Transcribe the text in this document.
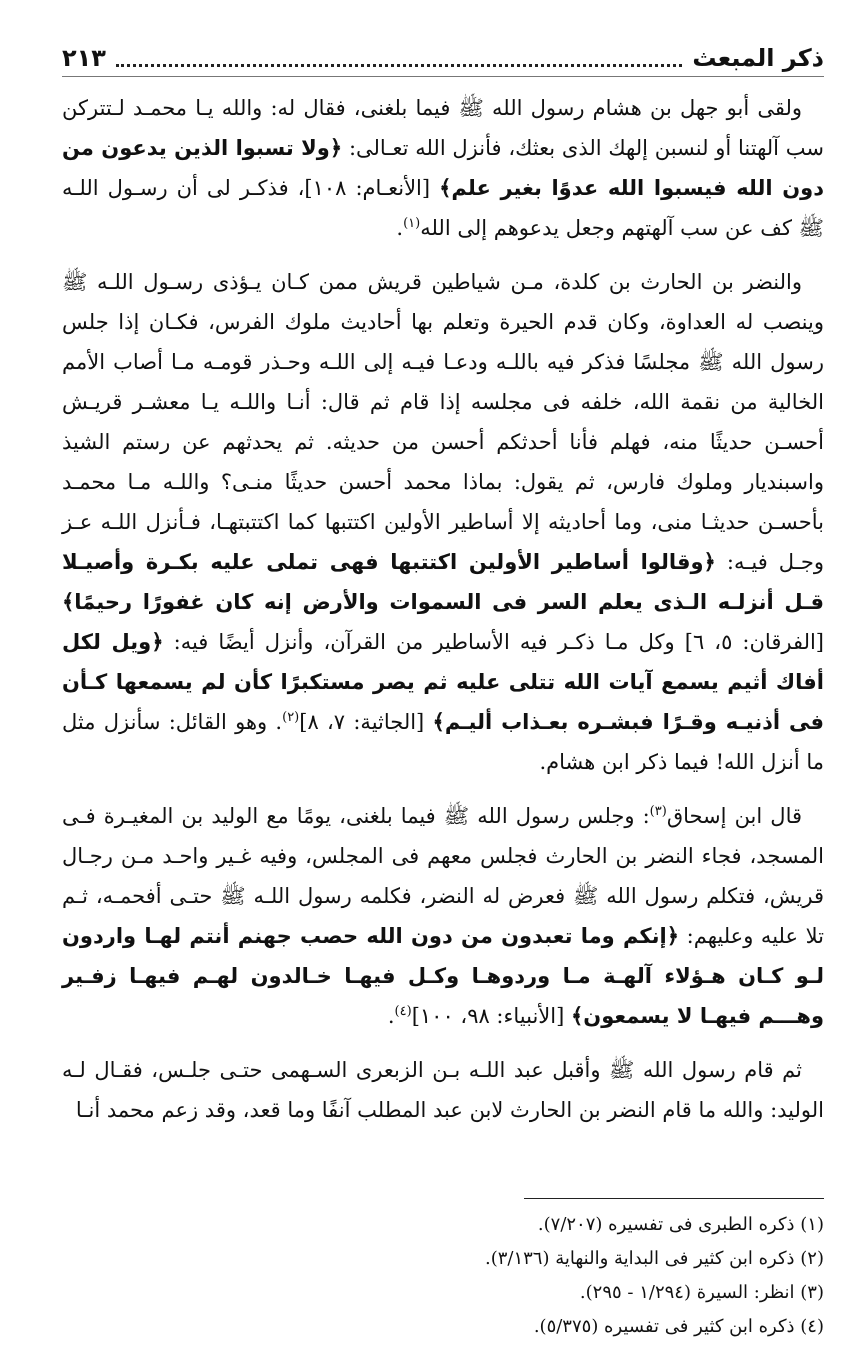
ذكر المبعث
٢١٣

ولقى أبو جهل بن هشام رسول الله ﷺ فيما بلغنى، فقال له: والله يـا محمـد لـتتركن سب آلهتنا أو لنسبن إلهك الذى بعثك، فأنزل الله تعـالى: ﴿ولا تسبوا الذين يدعون من دون الله فيسبوا الله عدوًا بغير علم﴾ [الأنعـام: ١٠٨]، فذكـر لى أن رسـول اللـه ﷺ كف عن سب آلهتهم وجعل يدعوهم إلى الله$^{(١)}$.

والنضر بن الحارث بن كلدة، مـن شياطين قريش ممن كـان يـؤذى رسـول اللـه ﷺ وينصب له العداوة، وكان قدم الحيرة وتعلم بها أحاديث ملوك الفرس، فكـان إذا جلس رسول الله ﷺ مجلسًا فذكر فيه باللـه ودعـا فيـه إلى اللـه وحـذر قومـه مـا أصاب الأمم الخالية من نقمة الله، خلفه فى مجلسه إذا قام ثم قال: أنـا واللـه يـا معشـر قريـش أحسـن حديثًا منه، فهلم فأنا أحدثكم أحسن من حديثه. ثم يحدثهم عن رستم الشيذ واسبنديار وملوك فارس، ثم يقول: بماذا محمد أحسن حديثًا منـى؟ واللـه مـا محمـد بأحسـن حديثـا منى، وما أحاديثه إلا أساطير الأولين اكتتبها كما اكتتبتهـا، فـأنزل اللـه عـز وجـل فيـه: ﴿وقالوا أساطير الأولين اكتتبها فهى تملى عليه بكـرة وأصيـلا قـل أنزلـه الـذى يعلم السر فى السموات والأرض إنه كان غفورًا رحيمًا﴾ [الفرقان: ٥، ٦] وكل مـا ذكـر فيه الأساطير من القرآن، وأنزل أيضًا فيه: ﴿ويل لكل أفاك أثيم يسمع آيات الله تتلى عليه ثم يصر مستكبرًا كأن لم يسمعها كـأن فى أذنيـه وقـرًا فبشـره بعـذاب أليـم﴾ [الجاثية: ٧، ٨]$^{(٢)}$. وهو القائل: سأنزل مثل ما أنزل الله! فيما ذكر ابن هشام.

قال ابن إسحاق$^{(٣)}$: وجلس رسول الله ﷺ فيما بلغنى، يومًا مع الوليد بن المغيـرة فـى المسجد، فجاء النضر بن الحارث فجلس معهم فى المجلس، وفيه غـير واحـد مـن رجـال قريش، فتكلم رسول الله ﷺ فعرض له النضر، فكلمه رسول اللـه ﷺ حتـى أفحمـه، ثـم تلا عليه وعليهم: ﴿إنكم وما تعبدون من دون الله حصب جهنم أنتم لهـا واردون لـو كـان هـؤلاء آلهـة مـا وردوهـا وكـل فيهـا خـالدون لهـم فيهـا زفـير وهـــم فيهـا لا يسمعون﴾ [الأنبياء: ٩٨، ١٠٠]$^{(٤)}$.

ثم قام رسول الله ﷺ وأقبل عبد اللـه بـن الزبعرى السـهمى حتـى جلـس، فقـال لـه الوليد: والله ما قام النضر بن الحارث لابن عبد المطلب آنفًا وما قعد، وقد زعم محمد أنـا

(١) ذكره الطبرى فى تفسيره (٧/٢٠٧).

(٢) ذكره ابن كثير فى البداية والنهاية (٣/١٣٦).

(٣) انظر: السيرة (١/٢٩٤ - ٢٩٥).

(٤) ذكره ابن كثير فى تفسيره (٥/٣٧٥).
